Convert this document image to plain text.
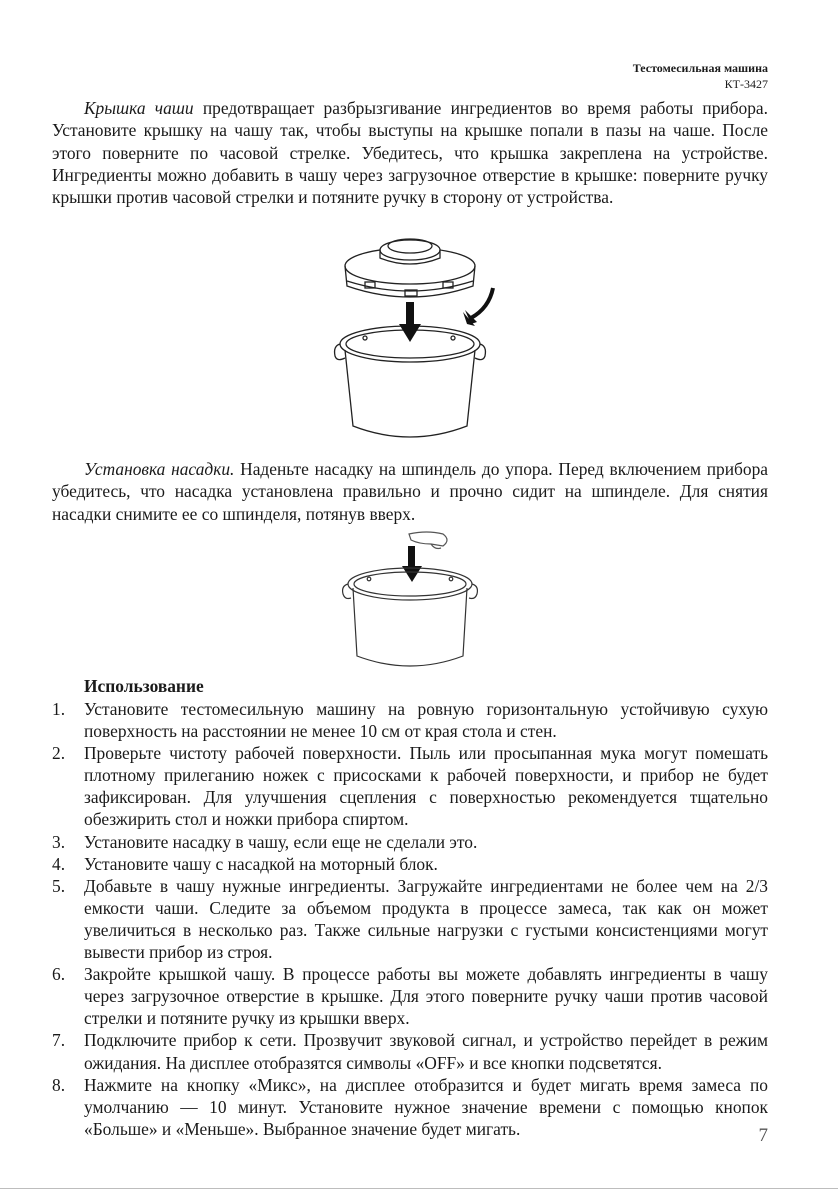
Тестомесильная машина
КТ-3427

Крышка чаши предотвращает разбрызгивание ингредиентов во время работы прибора. Установите крышку на чашу так, чтобы выступы на крышке попали в пазы на чаше. После этого поверните по часовой стрелке. Убедитесь, что крышка закреплена на устройстве. Ингредиенты можно добавить в чашу через загрузочное отверстие в крышке: поверните ручку крышки против часовой стрелки и потяните ручку в сторону от устройства.

Установка насадки. Наденьте насадку на шпиндель до упора. Перед включением прибора убедитесь, что насадка установлена правильно и прочно сидит на шпинделе. Для снятия насадки снимите ее со шпинделя, потянув вверх.

Использование
1. Установите тестомесильную машину на ровную горизонтальную устойчивую сухую поверхность на расстоянии не менее 10 см от края стола и стен.
2. Проверьте чистоту рабочей поверхности. Пыль или просыпанная мука могут помешать плотному прилеганию ножек с присосками к рабочей поверхности, и прибор не будет зафиксирован. Для улучшения сцепления с поверхностью рекомендуется тщательно обезжирить стол и ножки прибора спиртом.
3. Установите насадку в чашу, если еще не сделали это.
4. Установите чашу с насадкой на моторный блок.
5. Добавьте в чашу нужные ингредиенты. Загружайте ингредиентами не более чем на 2/3 емкости чаши. Следите за объемом продукта в процессе замеса, так как он может увеличиться в несколько раз. Также сильные нагрузки с густыми консистенциями могут вывести прибор из строя.
6. Закройте крышкой чашу. В процессе работы вы можете добавлять ингредиенты в чашу через загрузочное отверстие в крышке. Для этого поверните ручку чаши против часовой стрелки и потяните ручку из крышки вверх.
7. Подключите прибор к сети. Прозвучит звуковой сигнал, и устройство перейдет в режим ожидания. На дисплее отобразятся символы «OFF» и все кнопки подсветятся.
8. Нажмите на кнопку «Микс», на дисплее отобразится и будет мигать время замеса по умолчанию — 10 минут. Установите нужное значение времени с помощью кнопок «Больше» и «Меньше». Выбранное значение будет мигать.	7
